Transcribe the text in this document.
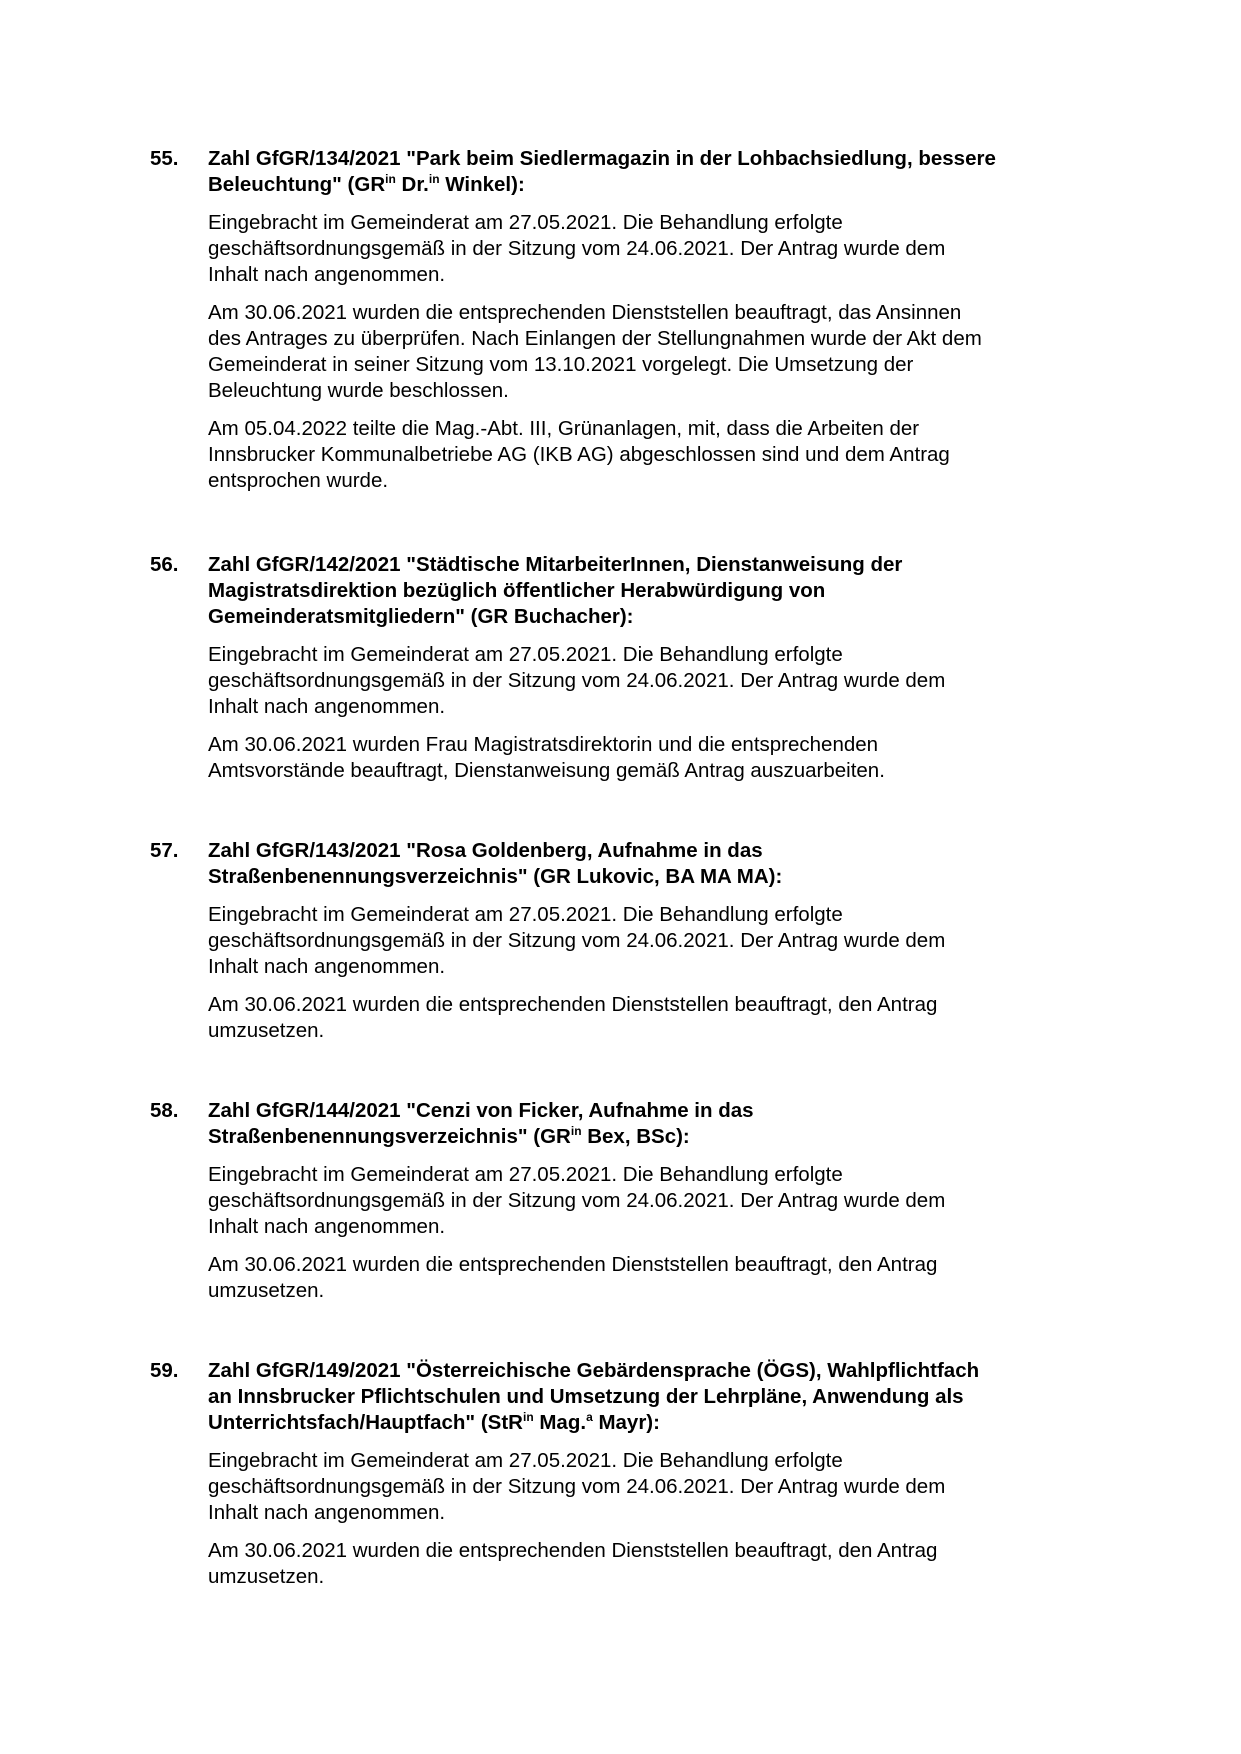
55.	Zahl GfGR/134/2021 "Park beim Siedlermagazin in der Lohbachsiedlung, bessere
Beleuchtung" ($GR^{in}$ Dr.$^{in}$ Winkel):
Eingebracht im Gemeinderat am 27.05.2021. Die Behandlung erfolgte
geschäftsordnungsgemäß in der Sitzung vom 24.06.2021. Der Antrag wurde dem
Inhalt nach angenommen.
Am 30.06.2021 wurden die entsprechenden Dienststellen beauftragt, das Ansinnen
des Antrages zu überprüfen. Nach Einlangen der Stellungnahmen wurde der Akt dem
Gemeinderat in seiner Sitzung vom 13.10.2021 vorgelegt. Die Umsetzung der
Beleuchtung wurde beschlossen.
Am 05.04.2022 teilte die Mag.-Abt. III, Grünanlagen, mit, dass die Arbeiten der
Innsbrucker Kommunalbetriebe AG (IKB AG) abgeschlossen sind und dem Antrag
entsprochen wurde.
56.	Zahl GfGR/142/2021 "Städtische MitarbeiterInnen, Dienstanweisung der
Magistratsdirektion bezüglich öffentlicher Herabwürdigung von
Gemeinderatsmitgliedern" (GR Buchacher):
Eingebracht im Gemeinderat am 27.05.2021. Die Behandlung erfolgte
geschäftsordnungsgemäß in der Sitzung vom 24.06.2021. Der Antrag wurde dem
Inhalt nach angenommen.
Am 30.06.2021 wurden Frau Magistratsdirektorin und die entsprechenden
Amtsvorstände beauftragt, Dienstanweisung gemäß Antrag auszuarbeiten.
57.	Zahl GfGR/143/2021 "Rosa Goldenberg, Aufnahme in das
Straßenbenennungsverzeichnis" (GR Lukovic, BA MA MA):
Eingebracht im Gemeinderat am 27.05.2021. Die Behandlung erfolgte
geschäftsordnungsgemäß in der Sitzung vom 24.06.2021. Der Antrag wurde dem
Inhalt nach angenommen.
Am 30.06.2021 wurden die entsprechenden Dienststellen beauftragt, den Antrag
umzusetzen.
58.	Zahl GfGR/144/2021 "Cenzi von Ficker, Aufnahme in das
Straßenbenennungsverzeichnis" ($GR^{in}$ Bex, BSc):
Eingebracht im Gemeinderat am 27.05.2021. Die Behandlung erfolgte
geschäftsordnungsgemäß in der Sitzung vom 24.06.2021. Der Antrag wurde dem
Inhalt nach angenommen.
Am 30.06.2021 wurden die entsprechenden Dienststellen beauftragt, den Antrag
umzusetzen.
59.	Zahl GfGR/149/2021 "Österreichische Gebärdensprache (ÖGS), Wahlpflichtfach
an Innsbrucker Pflichtschulen und Umsetzung der Lehrpläne, Anwendung als
Unterrichtsfach/Hauptfach" (StR$^{in}$ Mag.$^a$ Mayr):
Eingebracht im Gemeinderat am 27.05.2021. Die Behandlung erfolgte
geschäftsordnungsgemäß in der Sitzung vom 24.06.2021. Der Antrag wurde dem
Inhalt nach angenommen.
Am 30.06.2021 wurden die entsprechenden Dienststellen beauftragt, den Antrag
umzusetzen.
